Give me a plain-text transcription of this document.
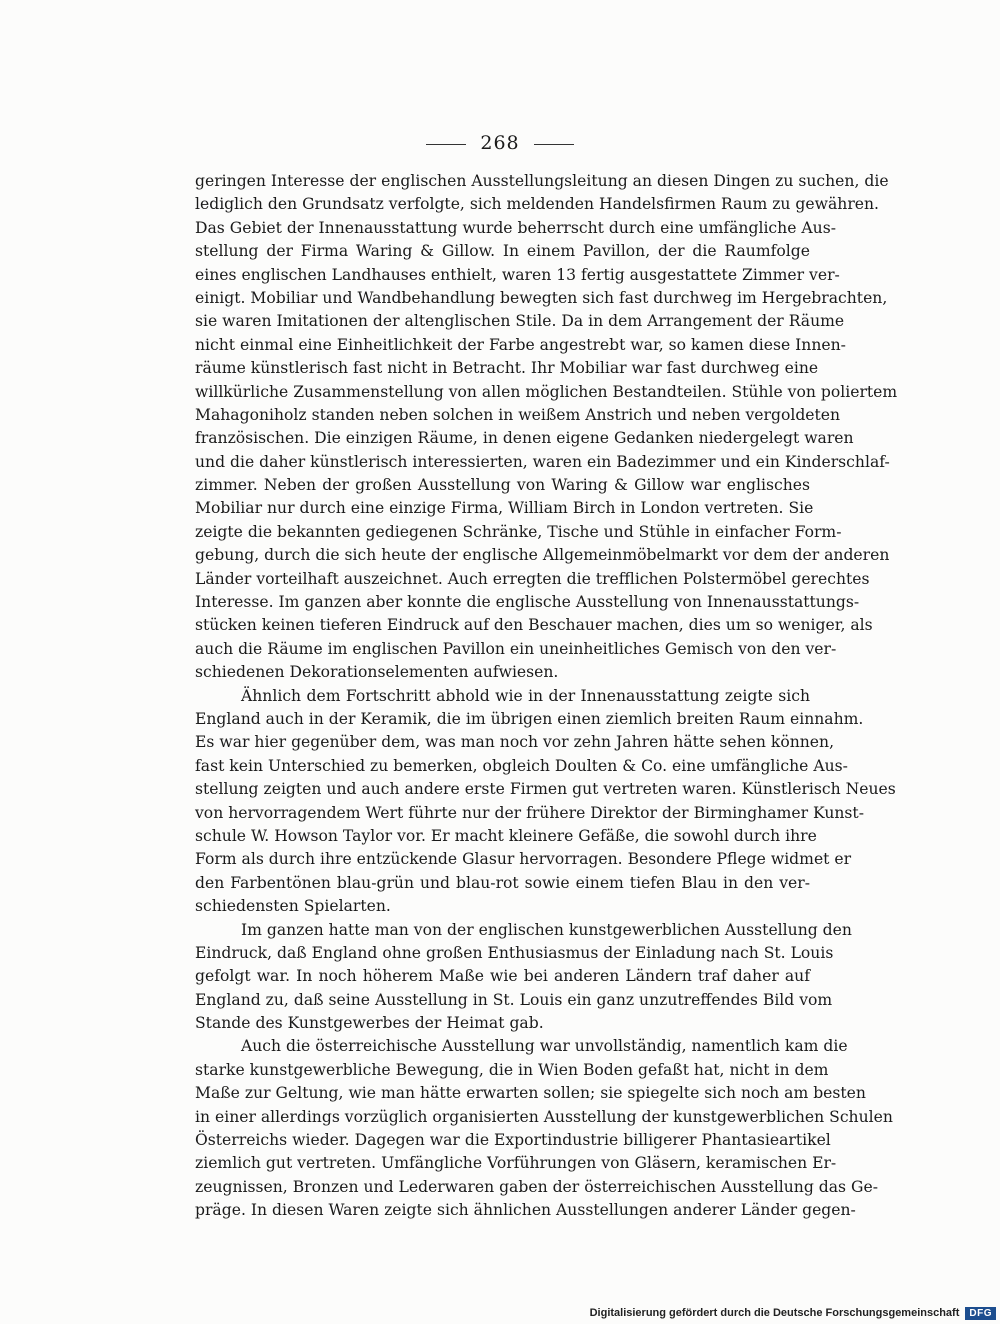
268
geringen Interesse der englischen Ausstellungsleitung an diesen Dingen zu suchen, die
lediglich den Grundsatz verfolgte, sich meldenden Handelsfirmen Raum zu gewähren.
Das Gebiet der Innenausstattung wurde beherrscht durch eine umfängliche Aus-
stellung der Firma Waring & Gillow. In einem Pavillon, der die Raumfolge
eines englischen Landhauses enthielt, waren 13 fertig ausgestattete Zimmer ver-
einigt. Mobiliar und Wandbehandlung bewegten sich fast durchweg im Hergebrachten,
sie waren Imitationen der altenglischen Stile. Da in dem Arrangement der Räume
nicht einmal eine Einheitlichkeit der Farbe angestrebt war, so kamen diese Innen-
räume künstlerisch fast nicht in Betracht. Ihr Mobiliar war fast durchweg eine
willkürliche Zusammenstellung von allen möglichen Bestandteilen. Stühle von poliertem
Mahagoniholz standen neben solchen in weißem Anstrich und neben vergoldeten
französischen. Die einzigen Räume, in denen eigene Gedanken niedergelegt waren
und die daher künstlerisch interessierten, waren ein Badezimmer und ein Kinderschlaf-
zimmer. Neben der großen Ausstellung von Waring & Gillow war englisches
Mobiliar nur durch eine einzige Firma, William Birch in London vertreten. Sie
zeigte die bekannten gediegenen Schränke, Tische und Stühle in einfacher Form-
gebung, durch die sich heute der englische Allgemeinmöbelmarkt vor dem der anderen
Länder vorteilhaft auszeichnet. Auch erregten die trefflichen Polstermöbel gerechtes
Interesse. Im ganzen aber konnte die englische Ausstellung von Innenausstattungs-
stücken keinen tieferen Eindruck auf den Beschauer machen, dies um so weniger, als
auch die Räume im englischen Pavillon ein uneinheitliches Gemisch von den ver-
schiedenen Dekorationselementen aufwiesen.
Ähnlich dem Fortschritt abhold wie in der Innenausstattung zeigte sich
England auch in der Keramik, die im übrigen einen ziemlich breiten Raum einnahm.
Es war hier gegenüber dem, was man noch vor zehn Jahren hätte sehen können,
fast kein Unterschied zu bemerken, obgleich Doulten & Co. eine umfängliche Aus-
stellung zeigten und auch andere erste Firmen gut vertreten waren. Künstlerisch Neues
von hervorragendem Wert führte nur der frühere Direktor der Birminghamer Kunst-
schule W. Howson Taylor vor. Er macht kleinere Gefäße, die sowohl durch ihre
Form als durch ihre entzückende Glasur hervorragen. Besondere Pflege widmet er
den Farbentönen blau-grün und blau-rot sowie einem tiefen Blau in den ver-
schiedensten Spielarten.
Im ganzen hatte man von der englischen kunstgewerblichen Ausstellung den
Eindruck, daß England ohne großen Enthusiasmus der Einladung nach St. Louis
gefolgt war. In noch höherem Maße wie bei anderen Ländern traf daher auf
England zu, daß seine Ausstellung in St. Louis ein ganz unzutreffendes Bild vom
Stande des Kunstgewerbes der Heimat gab.
Auch die österreichische Ausstellung war unvollständig, namentlich kam die
starke kunstgewerbliche Bewegung, die in Wien Boden gefaßt hat, nicht in dem
Maße zur Geltung, wie man hätte erwarten sollen; sie spiegelte sich noch am besten
in einer allerdings vorzüglich organisierten Ausstellung der kunstgewerblichen Schulen
Österreichs wieder. Dagegen war die Exportindustrie billigerer Phantasieartikel
ziemlich gut vertreten. Umfängliche Vorführungen von Gläsern, keramischen Er-
zeugnissen, Bronzen und Lederwaren gaben der österreichischen Ausstellung das Ge-
präge. In diesen Waren zeigte sich ähnlichen Ausstellungen anderer Länder gegen-
Digitalisierung gefördert durch die Deutsche Forschungsgemeinschaft	DFG
